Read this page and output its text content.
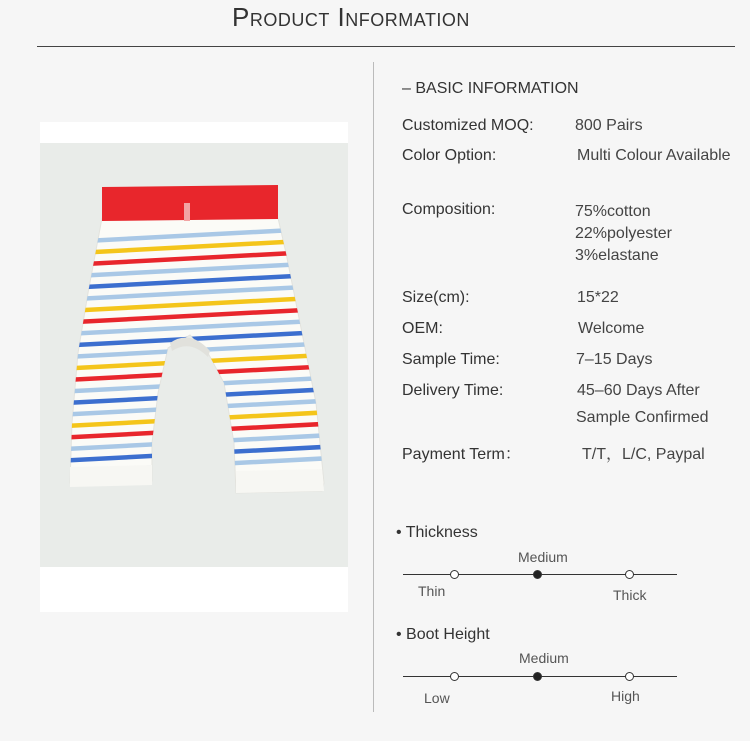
Product Information
– BASIC INFORMATION
Customized MOQ:	800 Pairs
Color Option:	Multi Colour Available
Composition:	75%cotton
22%polyester
3%elastane
Size(cm):	15*22
OEM:	Welcome
Sample Time:	7–15 Days
Delivery Time:	45–60 Days After
Sample Confirmed
Payment Term：	T/T，L/C, Paypal
• Thickness
Thin
Medium
Thick
• Boot Height
Low
Medium
High
